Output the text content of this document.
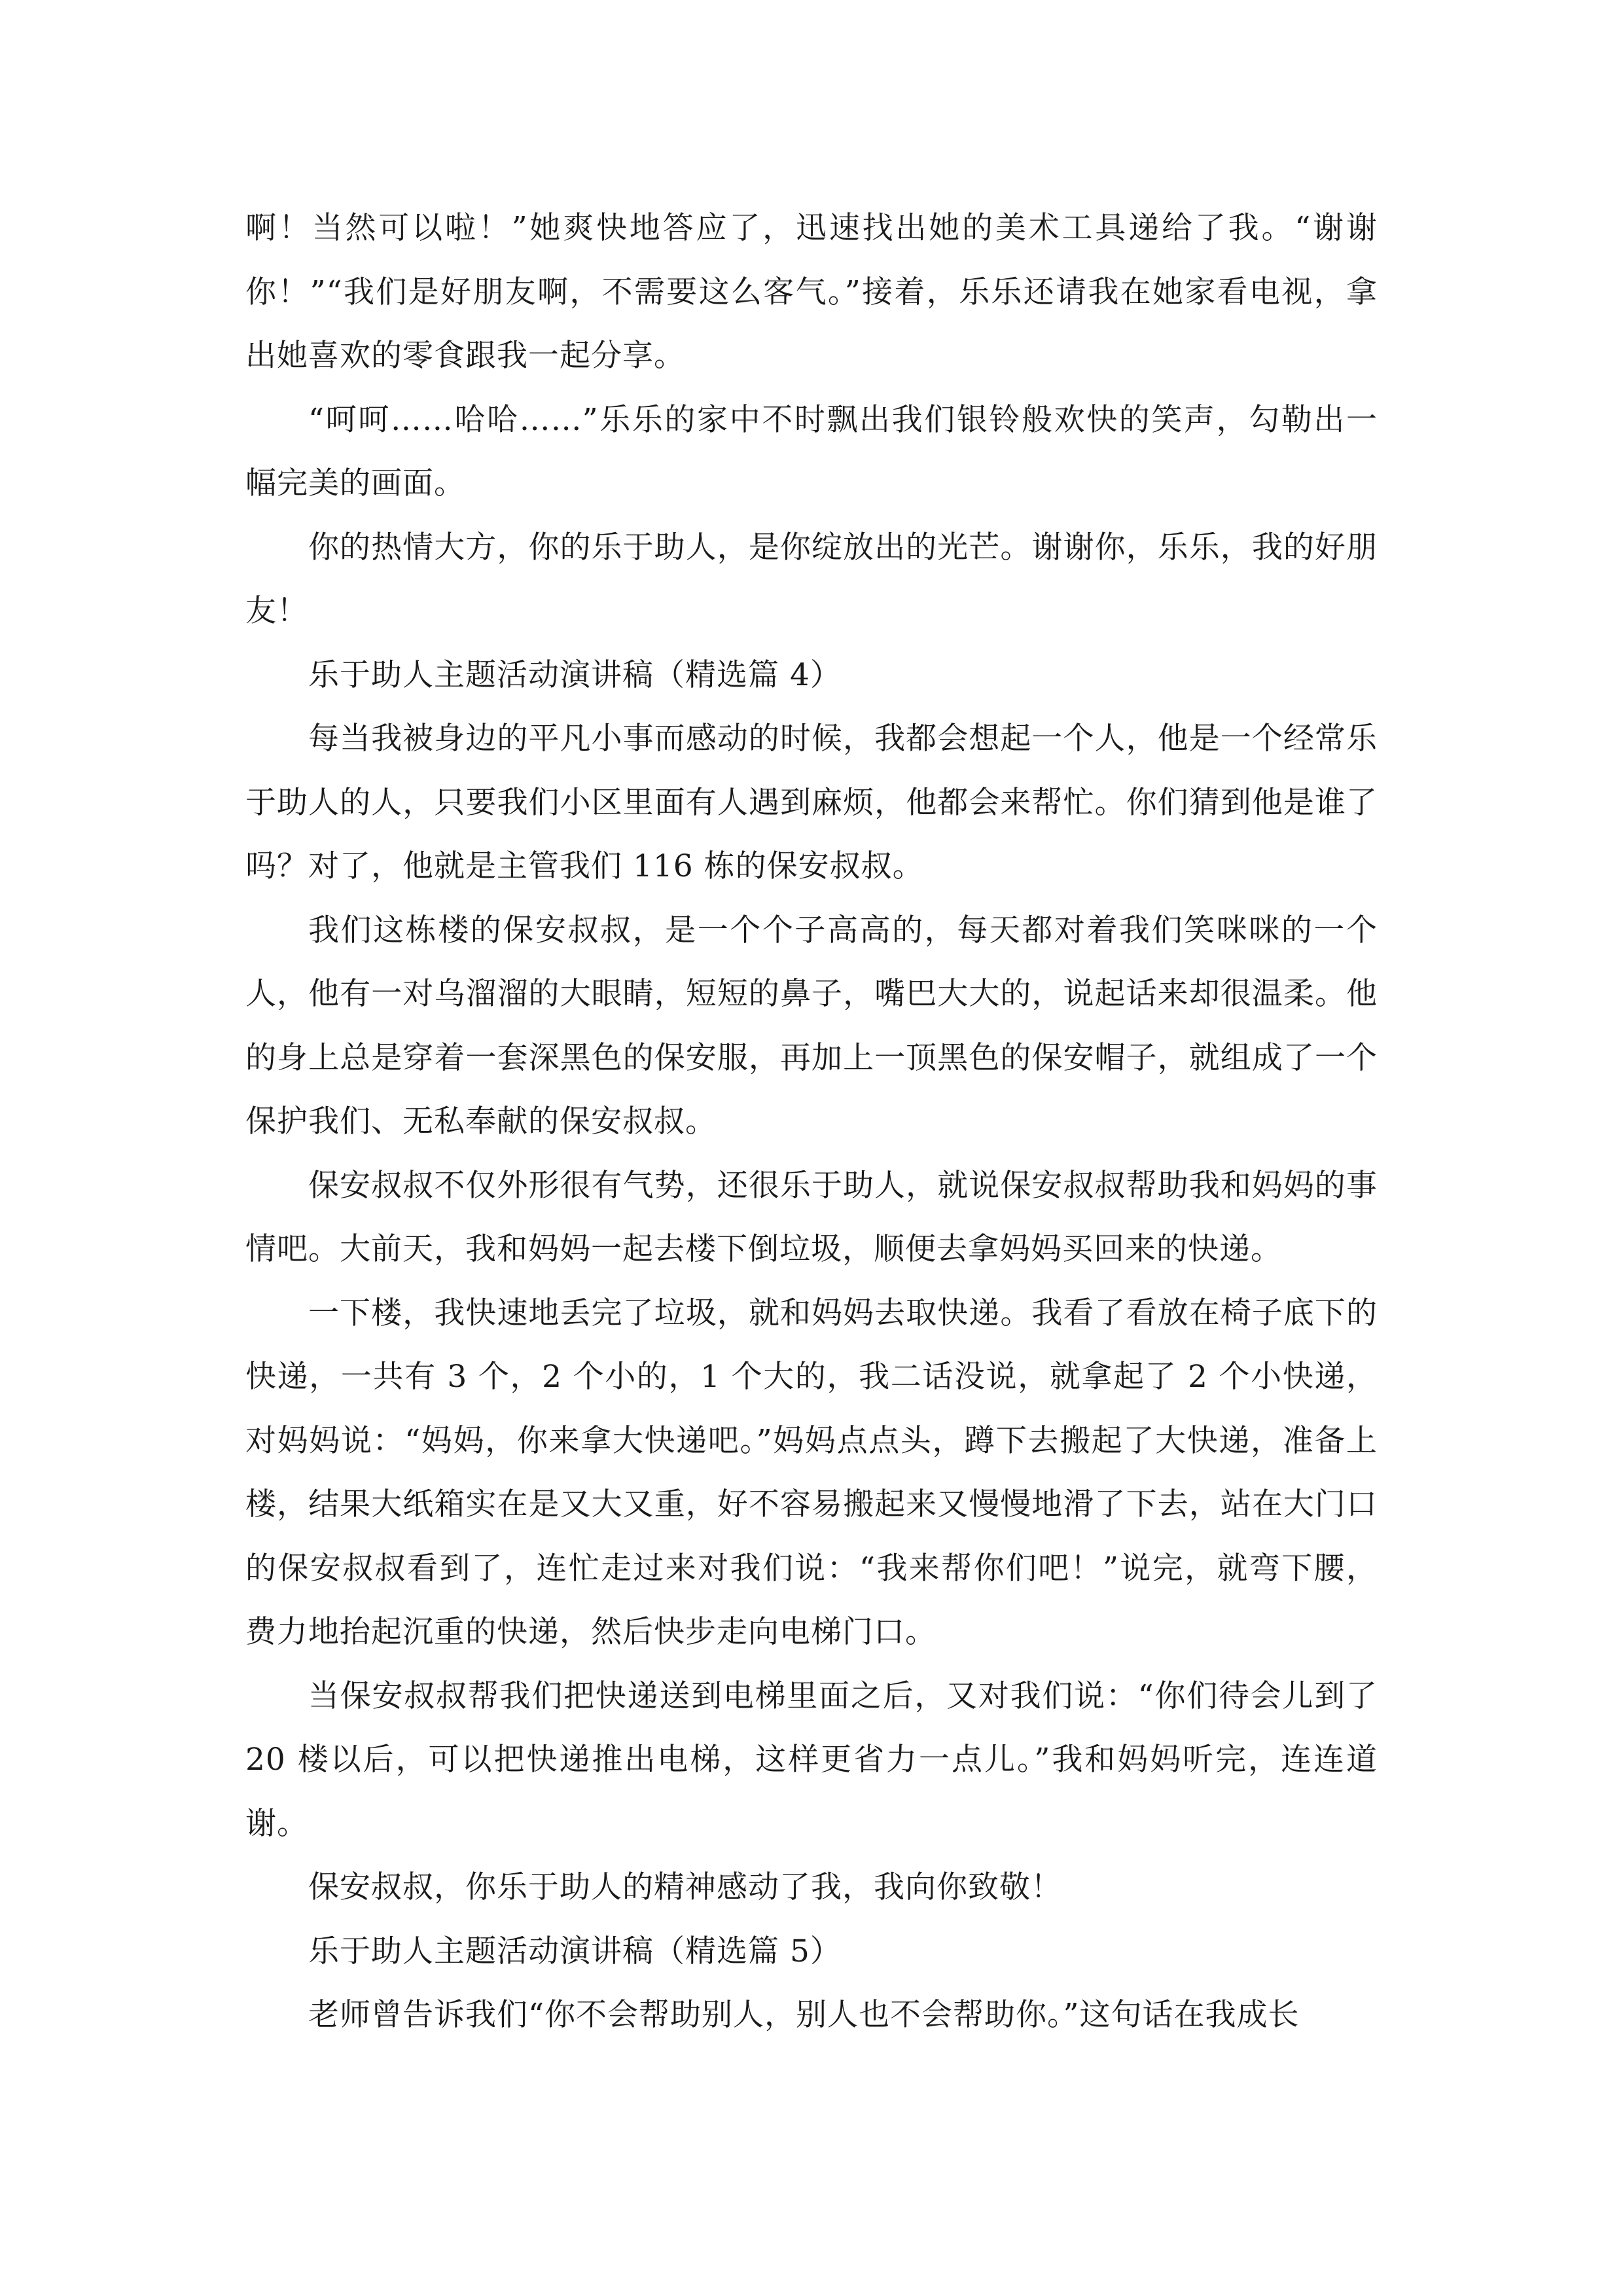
啊！当然可以啦！”她爽快地答应了，迅速找出她的美术工具递给了我。“谢谢你！”“我们是好朋友啊，不需要这么客气。”接着，乐乐还请我在她家看电视，拿出她喜欢的零食跟我一起分享。

“呵呵……哈哈……”乐乐的家中不时飘出我们银铃般欢快的笑声，勾勒出一幅完美的画面。

你的热情大方，你的乐于助人，是你绽放出的光芒。谢谢你，乐乐，我的好朋友！

乐于助人主题活动演讲稿（精选篇 4）

每当我被身边的平凡小事而感动的时候，我都会想起一个人，他是一个经常乐于助人的人，只要我们小区里面有人遇到麻烦，他都会来帮忙。你们猜到他是谁了吗？对了，他就是主管我们 116 栋的保安叔叔。

我们这栋楼的保安叔叔，是一个个子高高的，每天都对着我们笑咪咪的一个人，他有一对乌溜溜的大眼睛，短短的鼻子，嘴巴大大的，说起话来却很温柔。他的身上总是穿着一套深黑色的保安服，再加上一顶黑色的保安帽子，就组成了一个保护我们、无私奉献的保安叔叔。

保安叔叔不仅外形很有气势，还很乐于助人，就说保安叔叔帮助我和妈妈的事情吧。大前天，我和妈妈一起去楼下倒垃圾，顺便去拿妈妈买回来的快递。

一下楼，我快速地丢完了垃圾，就和妈妈去取快递。我看了看放在椅子底下的快递，一共有 3 个，2 个小的，1 个大的，我二话没说，就拿起了 2 个小快递，对妈妈说：“妈妈，你来拿大快递吧。”妈妈点点头，蹲下去搬起了大快递，准备上楼，结果大纸箱实在是又大又重，好不容易搬起来又慢慢地滑了下去，站在大门口的保安叔叔看到了，连忙走过来对我们说：“我来帮你们吧！”说完，就弯下腰，费力地抬起沉重的快递，然后快步走向电梯门口。

当保安叔叔帮我们把快递送到电梯里面之后，又对我们说：“你们待会儿到了 20 楼以后，可以把快递推出电梯，这样更省力一点儿。”我和妈妈听完，连连道谢。

保安叔叔，你乐于助人的精神感动了我，我向你致敬！

乐于助人主题活动演讲稿（精选篇 5）

老师曾告诉我们“你不会帮助别人，别人也不会帮助你。”这句话在我成长
